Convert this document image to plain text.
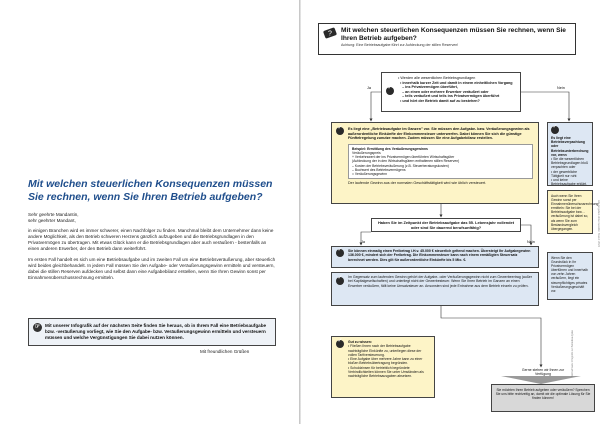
Mit welchen steuerlichen Konsequenzen müssen Sie rechnen, wenn Sie Ihren Betrieb aufgeben?

Sehr geehrte Mandantin,
sehr geehrter Mandant,

in einigen Branchen wird es immer schwerer, einen Nachfolger zu finden. Manchmal bleibt dem Unternehmer dann keine andere Möglichkeit, als den Betrieb schweren Herzens gänzlich aufzugeben und die Betriebsgrundlagen in den Privatvermögen zu übertragen. Mit etwas Glück kann er die Betriebsgrundlagen aber auch veräußern - bestenfalls an einen anderen Erwerber, der den Betrieb dann weiterführt.

Im ersten Fall handelt es sich um eine Betriebsaufgabe und im zweiten Fall um eine Betriebsveräußerung, aber steuerlich wird beides gleichbehandelt. In jedem Fall müssen Sie den Aufgabe- oder Veräußerungsgewinn ermitteln und versteuern, dabei die stillen Reserven aufdecken und selbst dann eine Aufgabebilanz erstellen, wenn Sie Ihren Gewinn sonst per Einnahmenüberschussrechnung ermitteln.

☞	Mit unserer Infografik auf der nächsten Seite finden Sie heraus, ob in Ihrem Fall eine Betriebsaufgabe bzw. -veräußerung vorliegt, wie Sie den Aufgabe- bzw. Veräußerungsgewinn ermitteln und versteuern müssen und welche Vergünstigungen Sie dabei nutzen können.
Mit freundlichen Grüßen
? Mit welchen steuerlichen Konsequenzen müssen Sie rechnen, wenn Sie Ihren Betrieb aufgeben?
Achtung: Eine Betriebsaufgabe führt zur Aufdeckung der stillen Reserven!
✓
• Werden alle wesentlichen Betriebsgrundlagen
• innerhalb kurzer Zeit und damit in einem einheitlichen Vorgang
– ins Privatvermögen überführt,
– an einen oder mehrere Erwerber veräußert oder
– teils veräußert und teils ins Privatvermögen überführt
• und hört der Betrieb damit auf zu bestehen?
Ja	Nein
✓
Es liegt eine „Betriebsaufgabe im Ganzen" vor. Sie müssen den Aufgabe- bzw. Veräußerungsgewinn als außerordentliche Einkünfte der Einkommensteuer unterwerfen. Dabei können Sie sich die günstige Fünftelregelung zunutze machen. Zudem müssen Sie eine Aufgabebilanz erstellen.
Beispiel: Ermittlung des Veräußerungsgewinns
Veräußerungspreis
+ Verkehrswert der ins Privatvermögen überführten Wirtschaftsgüter
(Aufdeckung der in den Wirtschaftsgütern enthaltenen stillen Reserven)
– Kosten der Betriebsveräußerung (z.B. Steuerberatungskosten)
– Buchwert des Betriebsvermögens
= Veräußerungsgewinn
Der laufende Gewinn aus der normalen Geschäftstätigkeit wird wie üblich versteuert.
✓
Es liegt eine Betriebsverpachtung oder Betriebsunterbrechung vor, wenn
• Sie die wesentlichen Betriebsgrundlagen bloß verpachten oder
• der gewerbliche Tätigkeit nur ruht
• und keine Betriebsaufgabe erklärt.
Auch wenn Sie Ihren Gewinn sonst per Einnahmenüberschussrechnung ermitteln: Sie bei der Betriebsaufgabe bzw. -veräußerung ist dabei so, als wenn Sie zum Bestandsvergleich übergegangen.
Wenn Sie den Grundstück in Ihr Privatvermögen überführen und innerhalb von zehn Jahren veräußern, liegt ein steuerpflichtiges privates Veräußerungsgeschäft vor.
Haben Sie im Zeitpunkt der Betriebsaufgabe das 55. Lebensjahr vollendet oder sind Sie dauernd berufsunfähig?
Ja	Nein
✓
Sie können einmalig einen Freibetrag i.H.v. 45.000 € steuerlich geltend machen. Übersteigt Ihr Aufgabegewinn 136.000 €, mindert sich der Freibetrag. Die Einkommensteuer kann nach einem ermäßigten Steuersatz berechnet werden. Dies gilt für außerordentliche Einkünfte bis 5 Mio. €.
✓
Im Gegensatz zum laufenden Gewinn gehört der Aufgabe- oder Veräußerungsgewinn nicht zum Gewerbeertrag (außer bei Kapitalgesellschaften) und unterliegt nicht der Gewerbesteuer. Wenn Sie Ihren Betrieb im Ganzen an einen Erwerber veräußern, fällt keine Umsatzsteuer an. Ansonsten sind jede Entnahme aus dem Betrieb einzeln zu prüfen.
✓
Gut zu wissen:
• Fließen Ihnen nach der Betriebsaufgabe nachträgliche Einkünfte zu, unterliegen diese der vollen Tarifversteuerung.
• Eine Aufgabe über mehrere Jahre kann zu einer bloßen Betriebsübertragung begründen.
• Schuldzinsen für betrieblich begründete Verbindlichkeiten können Sie unter Umständen als nachträgliche Betriebsausgaben absetzen.
Gerne stehen wir Ihnen zur Verfügung
Sie möchten Ihren Betrieb aufgeben oder veräußern? Sprechen Sie uns bitte rechtzeitig an, damit wir die optimale Lösung für Sie finden können!
Alle Angaben ohne Gewähr. Stand: 2024
Bildnachweis: Infografik zur Betriebsaufgabe
